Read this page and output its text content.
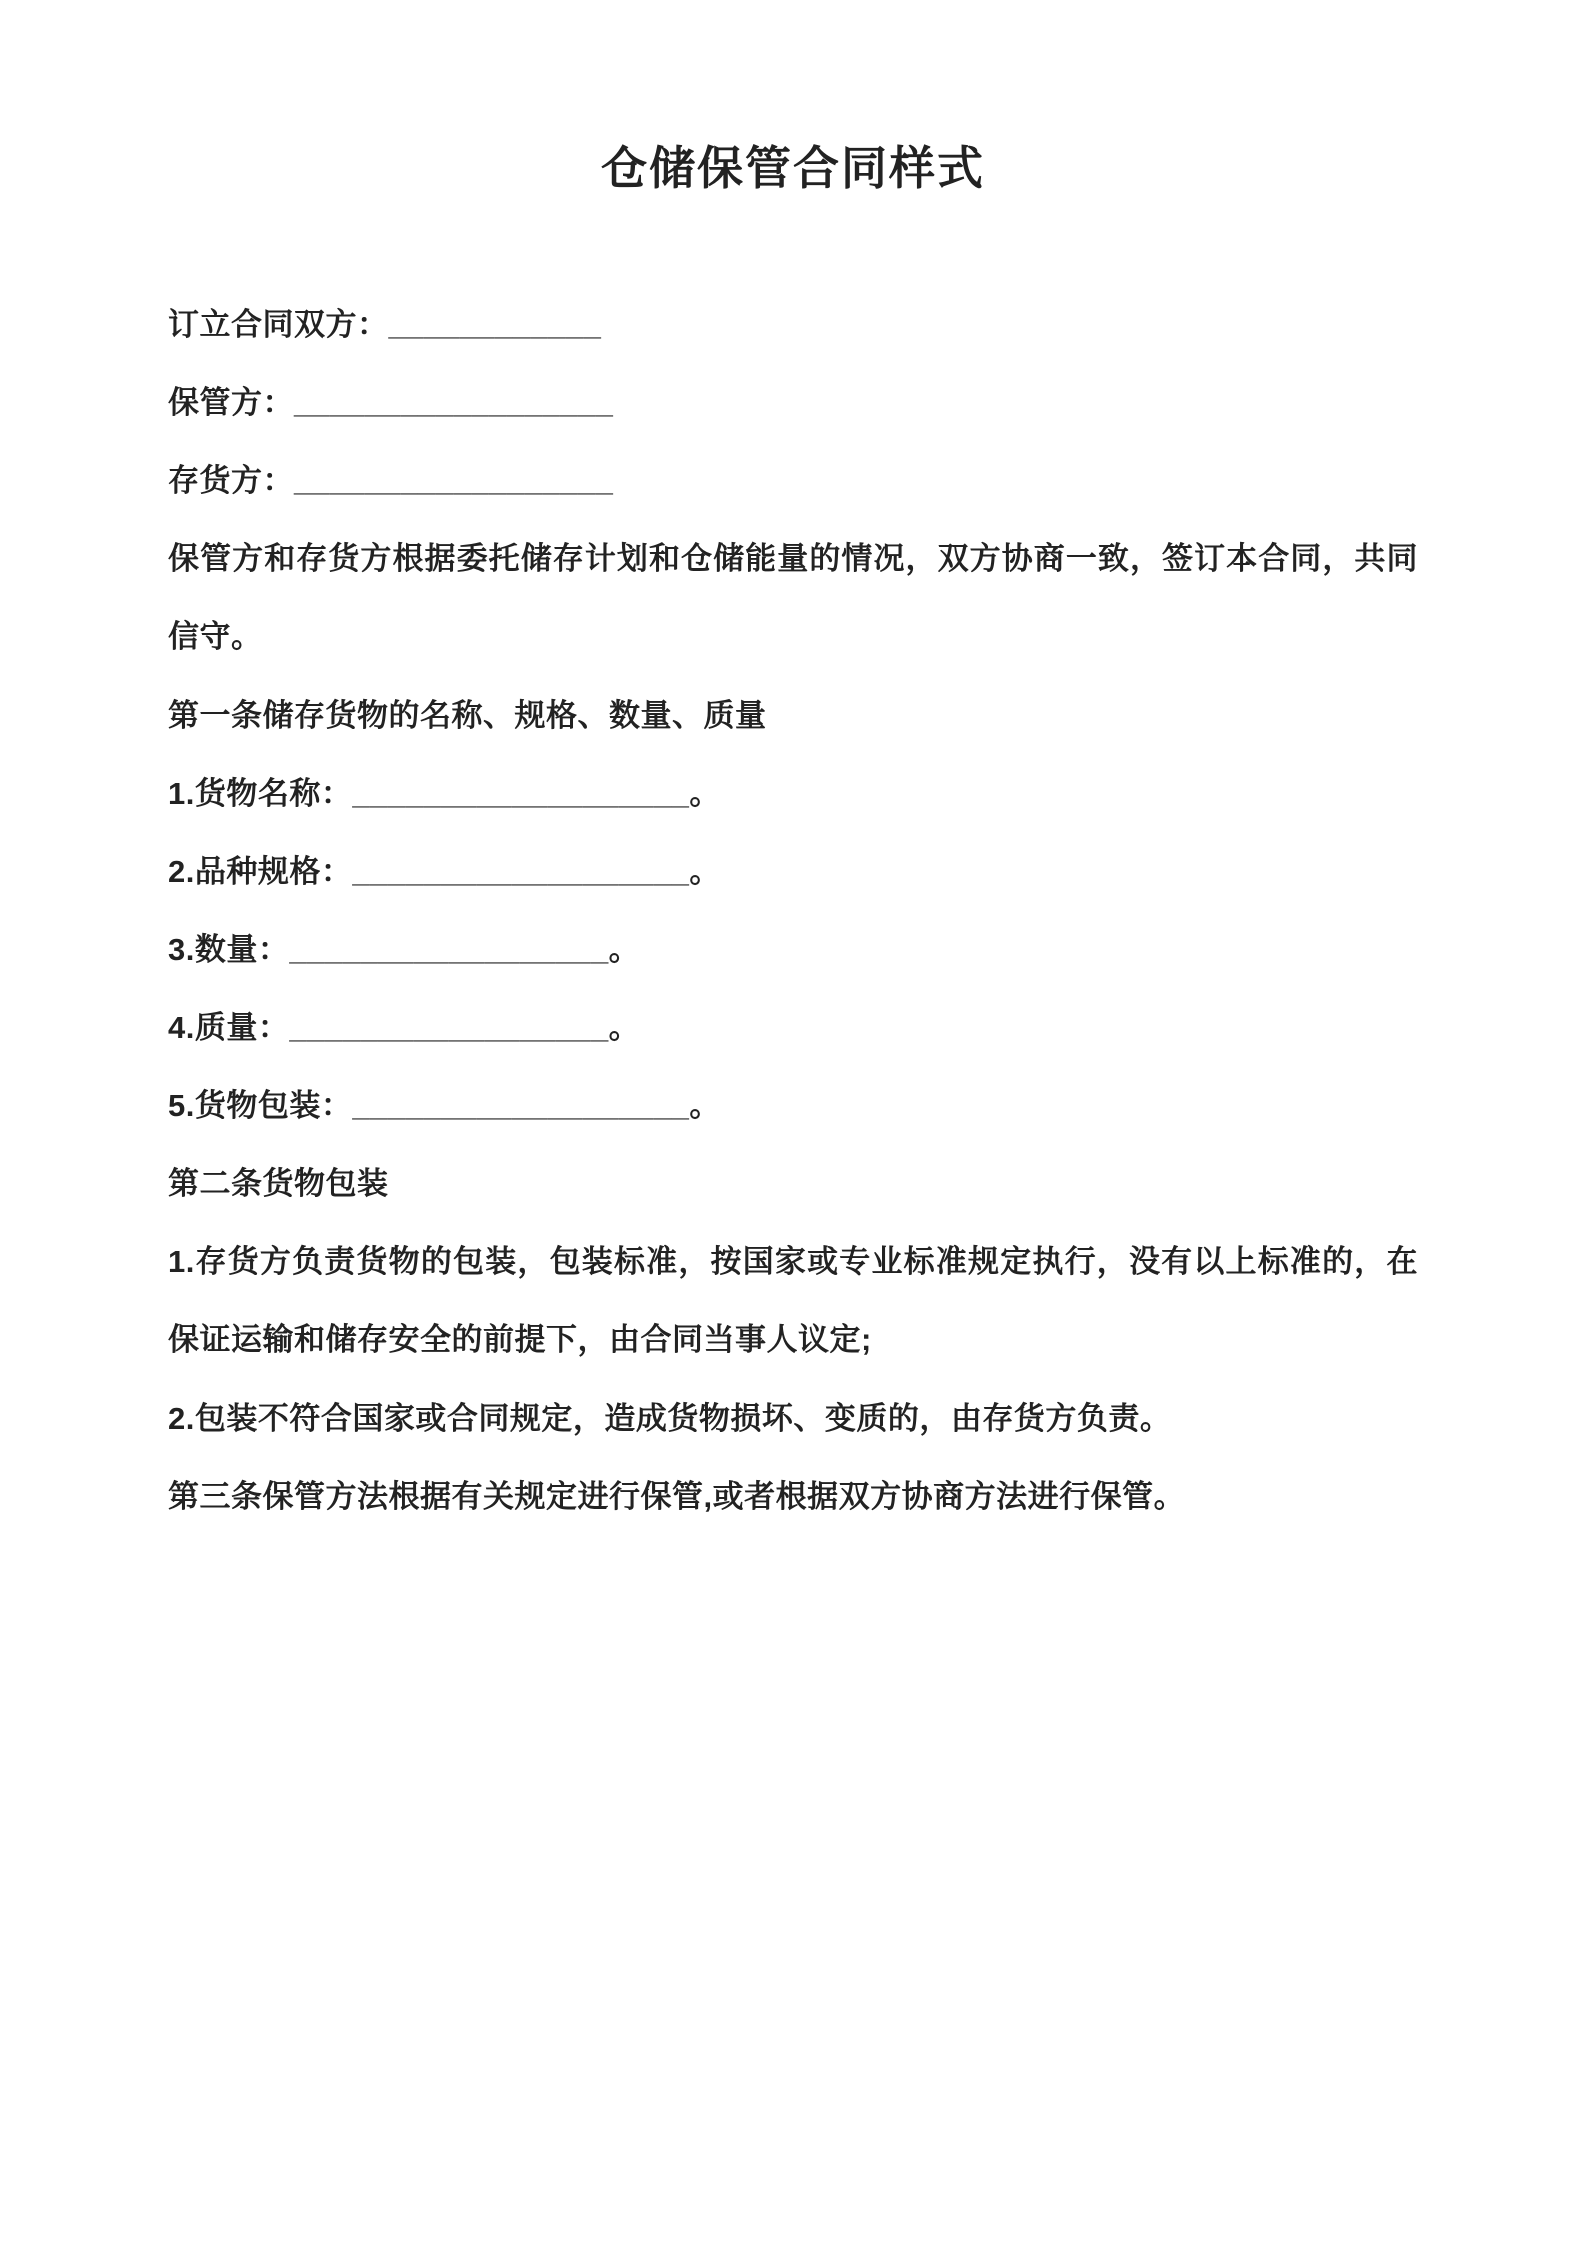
仓储保管合同样式

订立合同双方：____________

保管方：__________________

存货方：__________________

保管方和存货方根据委托储存计划和仓储能量的情况，双方协商一致，签订本合同，共同信守。

第一条储存货物的名称、规格、数量、质量

1.货物名称：___________________。

2.品种规格：___________________。

3.数量：__________________。

4.质量：__________________。

5.货物包装：___________________。

第二条货物包装

1.存货方负责货物的包装，包装标准，按国家或专业标准规定执行，没有以上标准的，在保证运输和储存安全的前提下，由合同当事人议定;

2.包装不符合国家或合同规定，造成货物损坏、变质的，由存货方负责。

第三条保管方法根据有关规定进行保管,或者根据双方协商方法进行保管。
